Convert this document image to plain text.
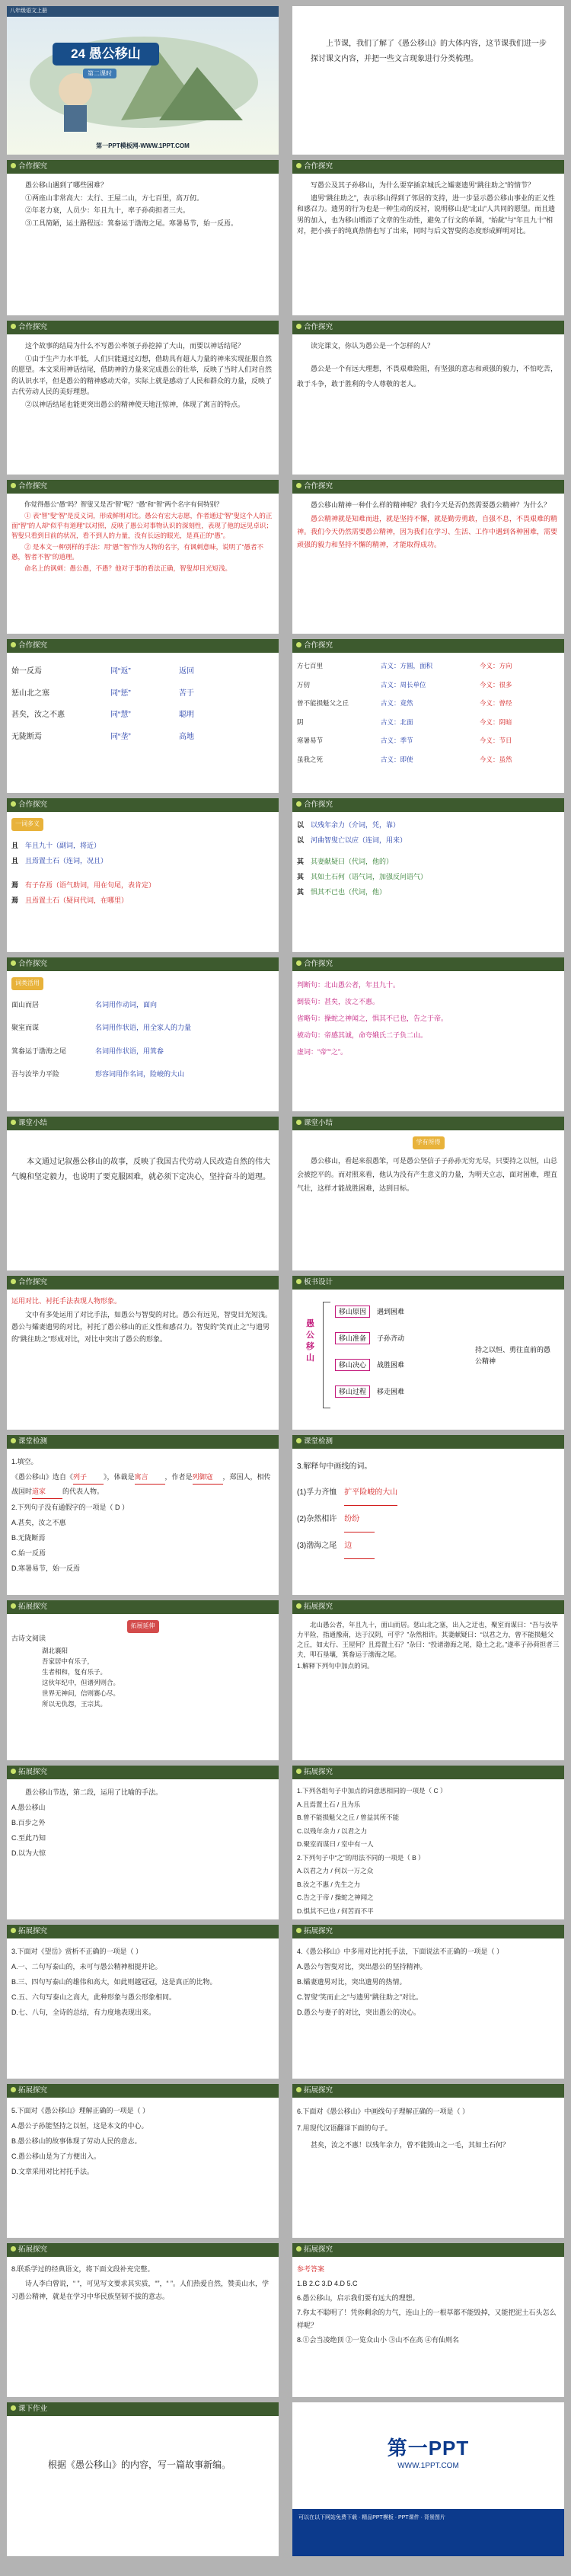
八年级语文上册
24 愚公移山
第二课时
第一PPT模板网-WWW.1PPT.COM

上节课，我们了解了《愚公移山》的大体内容，这节课我们进一步探讨课文内容，并把一些文言现象进行分类梳理。

合作探究

愚公移山遇到了哪些困难？

①两座山非常高大：太行、王屋二山，方七百里，高万仞。

②年老力衰，人员少：年且九十，率子孙荷担者三夫。

③工具简陋，运土路程远：箕畚运于渤海之尾。寒暑易节，始一反焉。

合作探究

写愚公及其子孙移山，为什么要穿插京城氏之孀妻遗男“跳往助之”的情节？

遗男“跳往助之”，表示移山得到了邻居的支持，进一步显示愚公移山事业的正义性和感召力。遗男的行为也是一种生动的反衬，说明移山是“北山”人共同的愿望。而且遗男的加入，也为移山增添了文章的生动性，避免了行文的单调，“始龀”与“年且九十”相对，把小孩子的纯真热情也写了出来，同时与后文智叟的态度形成鲜明对比。

合作探究

这个故事的结局为什么不写愚公率领子孙挖掉了大山，而要以神话结尾？

①由于生产力水平低，人们只能通过幻想，借助具有超人力量的神来实现征服自然的愿望。本文采用神话结尾，借助神的力量来完成愚公的壮举，反映了当时人们对自然的认识水平，但是愚公的精神感动天帝，实际上就是感动了人民和群众的力量，反映了古代劳动人民的美好理想。

②以神话结尾也能更突出愚公的精神使天地汪惊神，体现了寓言的特点。

合作探究

读完课文，你认为愚公是一个怎样的人？

愚公是一个有远大理想，不畏艰难险阻，有坚强的意志和顽强的毅力，不怕吃苦，敢于斗争，敢于胜利的令人尊敬的老人。

合作探究

你觉得愚公“愚”吗？智叟又是否“智”呢？“愚”和“智”两个名字有何特别？

① 表“智”叟“智”是反义词，形成鲜明对比。愚公有宏大志愿，作者通过“智”叟这个人的正面“智”的人却“似乎有道理”以对照，反映了愚公对事物认识的深刻性，表现了他的远见卓识；智叟只看到目前的状况，看不到人的力量，没有长远的眼光，是真正的“愚”。

② 是本文一种别样的手法：用“愚”“智”作为人物的名字，有讽刺意味，说明了“愚者不愚，智者不智”的道理。

命名上的讽刺：愚公愚，不愚？他对于事的看法正确，智叟却目光短浅。

合作探究

愚公移山精神一种什么样的精神呢？我们今天是否仍然需要愚公精神？为什么？

愚公精神就是知难而进，就是坚持不懈，就是勤劳勇敢，自强不息，不畏艰难的精神。我们今天仍然需要愚公精神，因为我们在学习、生活、工作中遇到各种困难，需要顽强的毅力和坚持不懈的精神，才能取得成功。

合作探究
始一反焉	同“返”	返回
惩山北之塞	同“惩”	苦于
甚矣，汝之不惠	同“慧”	聪明
无陇断焉	同“垄”	高地
合作探究
方七百里	古义：方圆，面积	今义：方向
万仞	古义：周长单位	今义：很多
曾不能损魁父之丘	古义：竟然	今义：曾经
阴	古义：北面	今义：阴暗
寒暑易节	古义：季节	今义：节日
虽我之死	古义：即使	今义：虽然
合作探究
一词多义

且　 年且九十（副词，将近）

且　 且焉置土石（连词，况且）

焉　 有子存焉（语气助词，用在句尾，表肯定）

焉　 且焉置土石（疑问代词，在哪里）

合作探究

以　 以残年余力（介词，凭，靠）

以　 河曲智叟亡以应（连词，用来）

其　 其妻献疑曰（代词，他的）

其　 其如土石何（语气词，加强反问语气）

其　 惧其不已也（代词，他）

合作探究
词类活用
面山而居	名词用作动词，面向
聚室而谋	名词用作状语，用全家人的力量
箕畚运于渤海之尾	名词用作状语，用箕畚
吾与汝毕力平险	形容词用作名词，险峻的大山
合作探究

判断句：北山愚公者，年且九十。

倒装句：甚矣，汝之不惠。

省略句：操蛇之神闻之，惧其不已也，告之于帝。

被动句：帝感其诚，命夸娥氏二子负二山。

虚词：“帝”“之”。

课堂小结

本文通过记叙愚公移山的故事，反映了我国古代劳动人民改造自然的伟大气魄和坚定毅力，也说明了要克服困难，就必须下定决心，坚持奋斗的道理。

课堂小结
学有所得

愚公移山，看起来很愚笨，可是愚公坚信子子孙孙无穷无尽，只要持之以恒，山总会被挖平的。而对照来看，他认为没有产生意义的力量，为明天立志，面对困难，理直气壮，这样才能战胜困难，达到目标。

合作探究

运用对比、衬托手法表现人物形象。

文中有多处运用了对比手法，如愚公与智叟的对比。愚公有远见，智叟目光短浅。愚公与孀妻遗男的对比，衬托了愚公移山的正义性和感召力。智叟的“笑而止之”与遗男的“跳往助之”形成对比，对比中突出了愚公的形象。

板书设计
愚公移山

移山原因　 遇到困难

移山准备　 子孙齐动

移山决心　 战胜困难

移山过程　 移走困难

持之以恒、勇往直前的愚公精神
课堂检测

1.填空。

《愚公移山》选自《列子 》，体裁是寓言 ，作者是列御寇 ，郑国人，相传战国时道家 的代表人物。

2.下列句子没有通假字的一项是（ D ）

A.甚矣，汝之不惠

B.无陇断焉

C.始一反焉

D.寒暑易节，始一反焉

课堂检测

3.解释句中画线的词。

(1)孚力齐恤　 扩平险峻的大山

(2)杂然相许　 纷纷

(3)渤海之尾　 边

拓展探究
拓展延伸

古诗文阅读

湖北襄阳
吾家居中有乐子，
生者相和，复有乐子。
这伙年纪中，但谱列则合。
世界无神问，信则赛心尽。
所以无仇怨，王宗其。

拓展探究

北山愚公者，年且九十，面山而居。惩山北之塞，出入之迂也，聚室而谋曰：“吾与汝毕力平险，指通豫南，达于汉阴，可乎？”杂然相许。其妻献疑曰：“以君之力，曾不能损魁父之丘，如太行、王屋何？且焉置土石？”杂曰：“投诸渤海之尾，隐土之北。”遂率子孙荷担者三夫，叩石垦壤，箕畚运于渤海之尾。

1.解释下列句中加点的词。

拓展探究

愚公移山节选，第二段，运用了比喻的手法。

A.愚公移山

B.百步之外

C.至此乃知

D.以为大惊

拓展探究

1.下列各组句子中加点的词意思相同的一项是（ C ）

A.且焉置土石 / 且为乐

B.曾不能损魁父之丘 / 曾益其所不能

C.以残年余力 / 以君之力

D.聚室而谋曰 / 室中有一人

2.下列句子中“之”的用法不同的一项是（ B ）

A.以君之力 / 何以一万之众

B.汝之不惠 / 先生之力

C.告之于帝 / 操蛇之神闻之

D.惧其不已也 / 何苦而不平

拓展探究

3.下面对《望岳》赏析不正确的一项是（ ）

A.一、二句写泰山的，未可与愚公精神相提并论。

B.三、四句写泰山的雄伟和高大，如此则越冠冠，这是真正的比物。

C.五、六句写泰山之高大，此种形象与愚公形象相同。

D.七、八句，全诗的总结，有力度地表现出来。

拓展探究

4.《愚公移山》中多用对比衬托手法，下面说法不正确的一项是（ ）

A.愚公与智叟对比，突出愚公的坚持精神。

B.孀妻遗男对比，突出遗男的热情。

C.智叟“笑而止之”与遗男“跳往助之”对比。

D.愚公与妻子的对比，突出愚公的决心。

拓展探究

5.下面对《愚公移山》理解正确的一项是（ ）

A.愚公子孙能坚持之以恒，这是本文的中心。

B.愚公移山的故事体现了劳动人民的意志。

C.愚公移山是为了方便出入。

D.文章采用对比衬托手法。

拓展探究

6.下面对《愚公移山》中画线句子理解正确的一项是（ ）

7.用现代汉语翻译下面的句子。

甚矣，汝之不惠！以残年余力，曾不能毁山之一毛，其如土石何？

拓展探究

8.联系学过的经典语文，将下面文段补充完整。

诗人李白曾说，“ ”，可见写文要求其实质，“”，“ ”。人们热爱自然，赞美山水，学习愚公精神，就是在学习中华民族坚韧不拔的意志。

拓展探究

参考答案

1.B 2.C 3.D 4.D 5.C

6.愚公移山，启示我们要有远大的理想。

7.你太不聪明了！凭你剩余的力气，连山上的一根草都不能毁掉，又能把泥土石头怎么样呢？

8.①会当凌绝顶 ②一览众山小 ③山不在高 ④有仙则名

课下作业

根据《愚公移山》的内容，写一篇故事新编。

第一PPT
WWW.1PPT.COM
可以在以下网站免费下载 · 精品PPT模板 · PPT课件 · 背景图片
